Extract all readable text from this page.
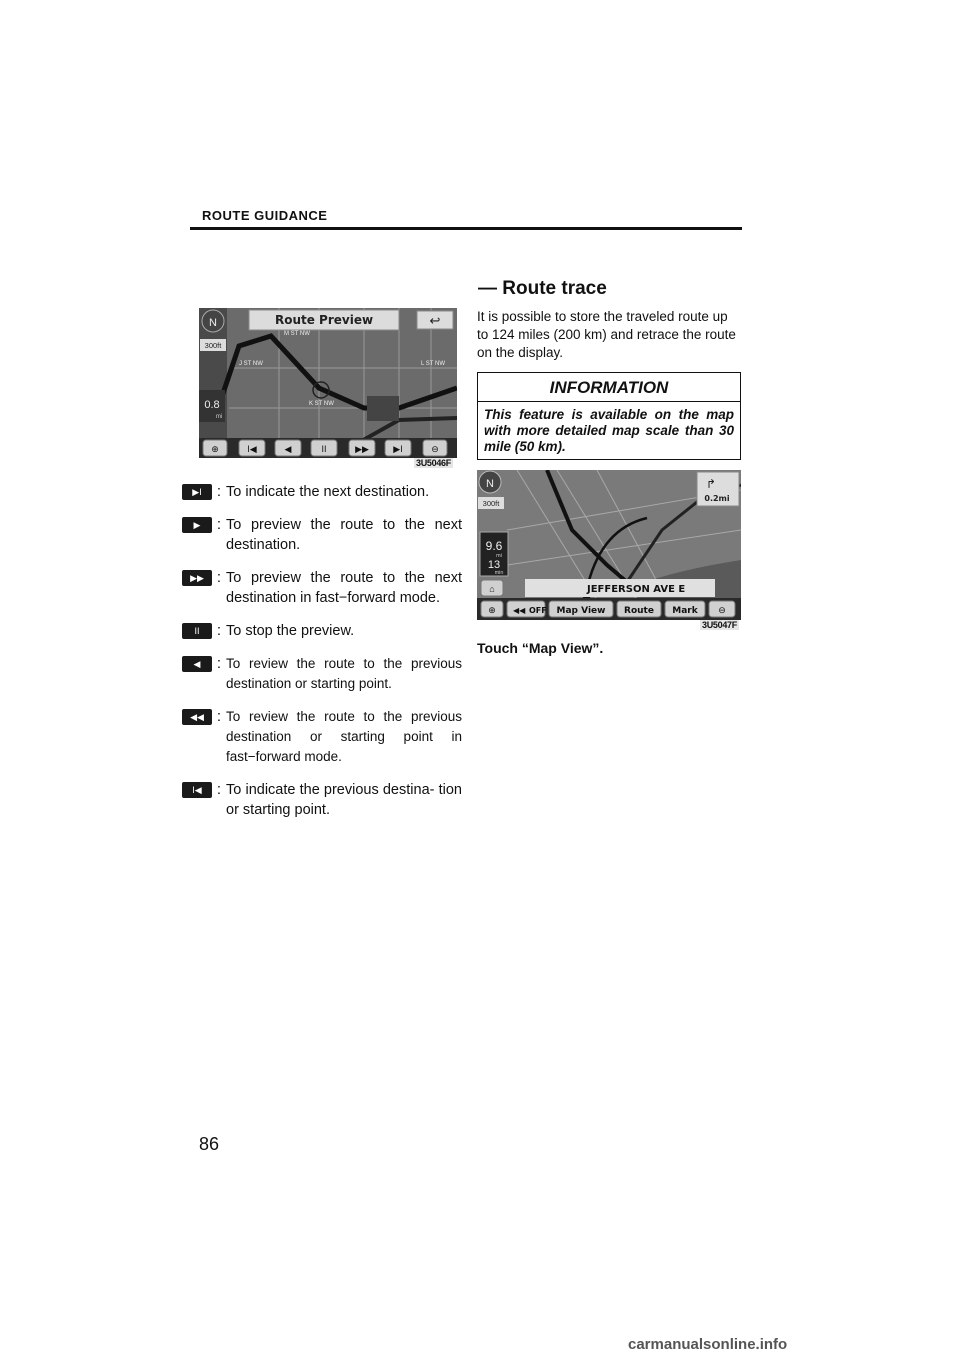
ROUTE GUIDANCE
— Route trace
Route Preview	↩
N
300ft
0.8
mi
M ST NW
L ST NW
K ST NW
J ST NW
⊕	I◀	◀	II	▶▶	▶I	⊖
3U5046F
▶I	: To indicate the next destination.
▶	: To preview the route to the next destination.
▶▶ : To preview the route to the next destination in fast−forward mode.
II	: To stop the preview.
◀	: To review the route to the previous destination or starting point.
◀◀ : To review the route to the previous destination or starting point in fast−forward mode.
I◀	: To indicate the previous destina- tion or starting point.
It is possible to store the traveled route up to 124 miles (200 km) and retrace the route on the display.
INFORMATION
This feature is available on the map with more detailed map scale than 30 mile (50 km).
N
300ft
↱
0.2mi
9.6
mi
13
min
⌂	JEFFERSON AVE E
⊕ ◀◀ OFF Map View Route Mark ⊖
3U5047F
Touch “Map View”.
86
carmanualsonline.info
